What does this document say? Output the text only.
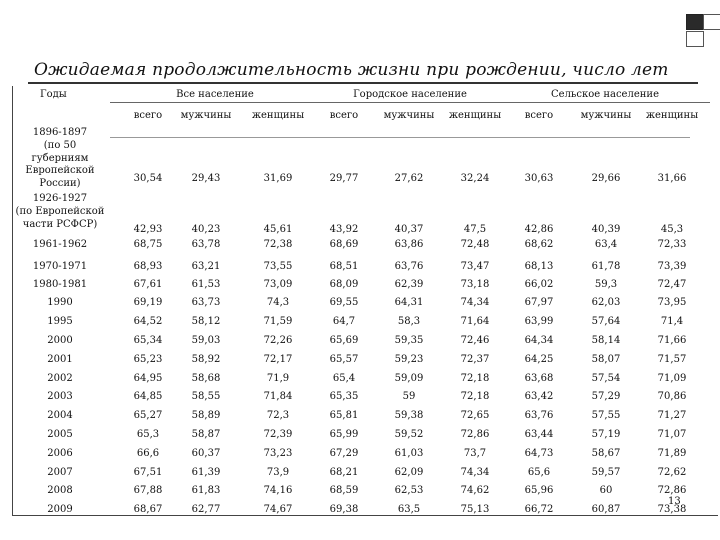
Ожидаемая продолжительность жизни при рождении, число лет
Годы	Все население	Городское население	Сельское население
всего	мужчины	женщины	всего	мужчины	женщины	всего	мужчины	женщины
1896-1897
(по 50 губерниям
Европейской
России)	30,54	29,43	31,69	29,77	27,62	32,24	30,63	29,66	31,66
1926-1927
(по Европейской
части РСФСР)	42,93	40,23	45,61	43,92	40,37	47,5	42,86	40,39	45,3
1961-1962	68,75	63,78	72,38	68,69	63,86	72,48	68,62	63,4	72,33
1970-1971	68,93	63,21	73,55	68,51	63,76	73,47	68,13	61,78	73,39
1980-1981	67,61	61,53	73,09	68,09	62,39	73,18	66,02	59,3	72,47
1990	69,19	63,73	74,3	69,55	64,31	74,34	67,97	62,03	73,95
1995	64,52	58,12	71,59	64,7	58,3	71,64	63,99	57,64	71,4
2000	65,34	59,03	72,26	65,69	59,35	72,46	64,34	58,14	71,66
2001	65,23	58,92	72,17	65,57	59,23	72,37	64,25	58,07	71,57
2002	64,95	58,68	71,9	65,4	59,09	72,18	63,68	57,54	71,09
2003	64,85	58,55	71,84	65,35	59	72,18	63,42	57,29	70,86
2004	65,27	58,89	72,3	65,81	59,38	72,65	63,76	57,55	71,27
2005	65,3	58,87	72,39	65,99	59,52	72,86	63,44	57,19	71,07
2006	66,6	60,37	73,23	67,29	61,03	73,7	64,73	58,67	71,89
2007	67,51	61,39	73,9	68,21	62,09	74,34	65,6	59,57	72,62
2008	67,88	61,83	74,16	68,59	62,53	74,62	65,96	60	72,86
2009	68,67	62,77	74,67	69,38	63,5	75,13	66,72	60,87	73,38
13
